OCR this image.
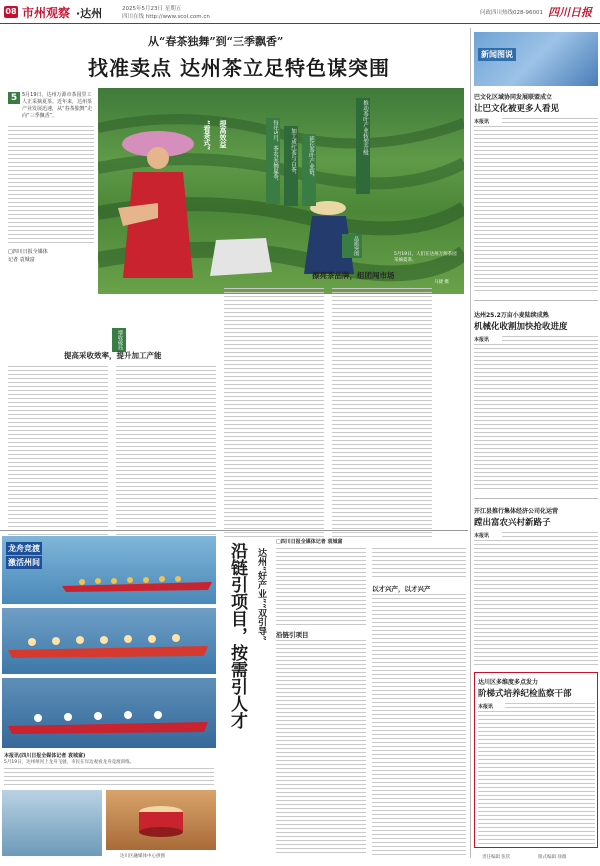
08 市州观察 ·达州	2025年5月23日 星期五
四川在线 http://www.scol.com.cn
问政四川热线028-96001 四川日报
从“春茶独舞”到“三季飘香”
找准卖点 达州茶立足特色谋突围
5 5月19日，达州万源市茶园里工人正采摘夏茶。近年来，达州茶产业发展迅速，从“春茶独舞”走向“三季飘香”。
□四川日报全媒体
记者 袁城富
“看茶式”	提高效益	每年5月，茶农采摘夏茶，	加工成红茶与白茶，	延长茶叶产业链，
推动茶叶产业转型升级
5月19日，人们在达州万源茶园采摘夏茶。
马捷 摄
品质突围
擦亮茶品牌，组团闯市场
增收破局
提高采收效率，提升加工产能
新闻图说
巴文化区域协同发展联盟成立
让巴文化被更多人看见
本报讯
达州25.2万亩小麦陆续成熟
机械化收割加快抢收进度
本报讯
开江县推行集体经济公司化运营
蹚出富农兴村新路子
本报讯
达川区多维度多点发力
阶梯式培养纪检监察干部
本报讯
责任编辑 张钦	版式编辑 徐薇
龙舟竞渡
激活州间
本报讯(四川日报全媒体记者 袁城富)
5月19日，达州州河上龙舟飞驰，市民在岸边观看龙舟竞渡训练。
达川区融媒体中心供图
沿链引项目，按需引人才	达州“好产业”“双引导”
□四川日报全媒体记者 袁城富
沿链引项目
以才兴产，以才兴产
